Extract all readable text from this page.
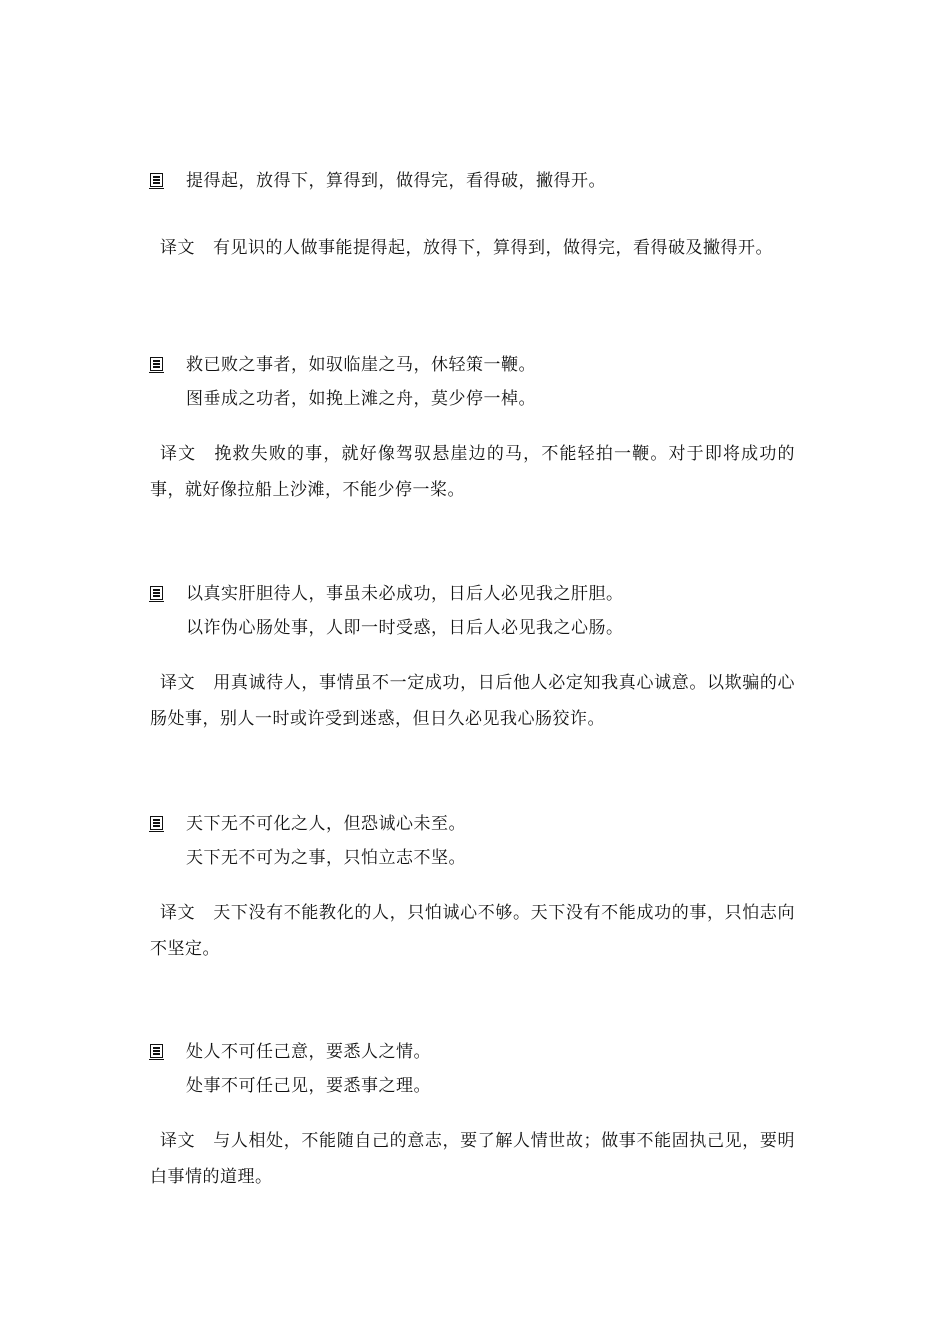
提得起，放得下，算得到，做得完，看得破，撇得开。
译文 有见识的人做事能提得起，放得下，算得到，做得完，看得破及撇得开。
救已败之事者，如驭临崖之马，休轻策一鞭。
图垂成之功者，如挽上滩之舟，莫少停一棹。
译文 挽救失败的事，就好像驾驭悬崖边的马，不能轻拍一鞭。对于即将成功的事，就好像拉船上沙滩，不能少停一桨。
以真实肝胆待人，事虽未必成功，日后人必见我之肝胆。
以诈伪心肠处事，人即一时受惑，日后人必见我之心肠。
译文 用真诚待人，事情虽不一定成功，日后他人必定知我真心诚意。以欺骗的心肠处事，别人一时或许受到迷惑，但日久必见我心肠狡诈。
天下无不可化之人，但恐诚心未至。
天下无不可为之事，只怕立志不坚。
译文 天下没有不能教化的人，只怕诚心不够。天下没有不能成功的事，只怕志向不坚定。
处人不可任己意，要悉人之情。
处事不可任己见，要悉事之理。
译文 与人相处，不能随自己的意志，要了解人情世故；做事不能固执己见，要明白事情的道理。
